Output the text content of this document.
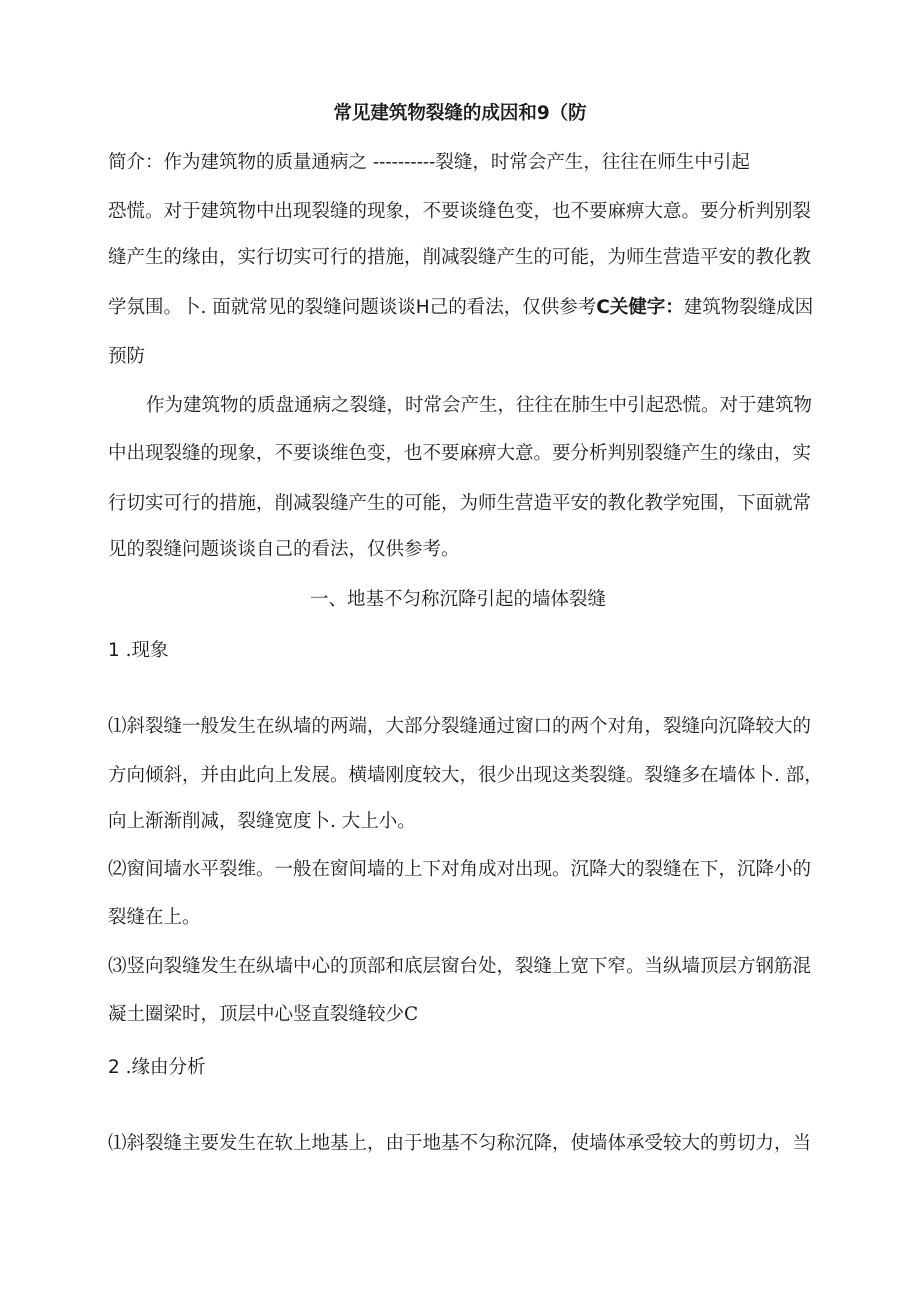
常见建筑物裂缝的成因和9（防
简介：作为建筑物的质量通病之 ----------裂缝，时常会产生，往往在师生中引起
恐慌。对于建筑物中出现裂缝的现象，不要谈缝色变，也不要麻痹大意。要分析判别裂
缝产生的缘由，实行切实可行的措施，削减裂缝产生的可能，为师生营造平安的教化教
学氛围。卜. 面就常见的裂缝问题谈谈H己的看法，仅供参考C关健字：建筑物裂缝成因
预防
作为建筑物的质盘通病之裂缝，时常会产生，往往在肺生中引起恐慌。对于建筑物
中出现裂缝的现象，不要谈维色变，也不要麻痹大意。要分析判别裂缝产生的缘由，实
行切实可行的措施，削减裂缝产生的可能，为师生营造平安的教化教学宛围，下面就常
见的裂缝问题谈谈自己的看法，仅供参考。
一、地基不匀称沉降引起的墙体裂缝
1 .现象
⑴斜裂缝一般发生在纵墙的两端，大部分裂缝通过窗口的两个对角，裂缝向沉降较大的
方向倾斜，并由此向上发展。横墙刚度较大，很少出现这类裂缝。裂缝多在墙体卜. 部，
向上渐渐削减，裂缝宽度卜. 大上小。
⑵窗间墙水平裂维。一般在窗间墙的上下对角成对出现。沉降大的裂缝在下，沉降小的
裂缝在上。
⑶竖向裂缝发生在纵墙中心的顶部和底层窗台处，裂缝上宽下窄。当纵墙顶层方钢筋混
凝土圈梁时，顶层中心竖直裂缝较少C
2 .缘由分析
⑴斜裂缝主要发生在软上地基上，由于地基不匀称沉降，使墙体承受较大的剪切力，当
